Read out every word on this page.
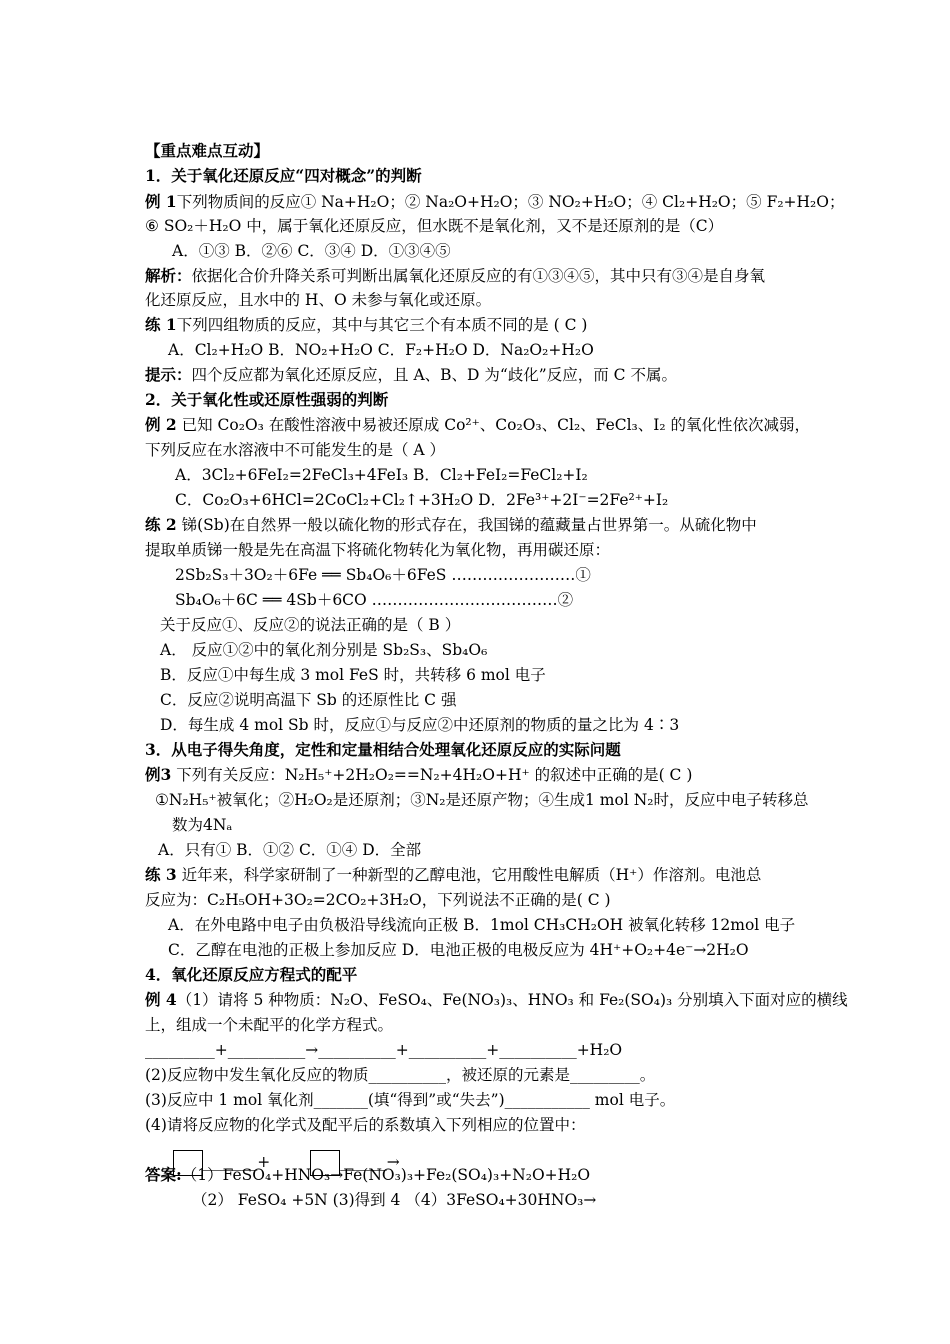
【重点难点互动】
1．关于氧化还原反应“四对概念”的判断
例 1下列物质间的反应① Na+H₂O；② Na₂O+H₂O；③ NO₂+H₂O；④ Cl₂+H₂O；⑤ F₂+H₂O；
⑥ SO₂＋H₂O 中，属于氧化还原反应，但水既不是氧化剂，又不是还原剂的是（C）
A．①③ B．②⑥ C．③④ D．①③④⑤
解析：依据化合价升降关系可判断出属氧化还原反应的有①③④⑤，其中只有③④是自身氧
化还原反应，且水中的 H、O 未参与氧化或还原。
练 1下列四组物质的反应，其中与其它三个有本质不同的是 ( C )
A．Cl₂+H₂O B．NO₂+H₂O C．F₂+H₂O D．Na₂O₂+H₂O
提示：四个反应都为氧化还原反应，且 A、B、D 为“歧化”反应，而 C 不属。
2．关于氧化性或还原性强弱的判断
例 2 已知 Co₂O₃ 在酸性溶液中易被还原成 Co²⁺、Co₂O₃、Cl₂、FeCl₃、I₂ 的氧化性依次减弱，
下列反应在水溶液中不可能发生的是（ A ）
A．3Cl₂+6FeI₂=2FeCl₃+4FeI₃ B．Cl₂+FeI₂=FeCl₂+I₂
C．Co₂O₃+6HCl=2CoCl₂+Cl₂↑+3H₂O D．2Fe³⁺+2I⁻=2Fe²⁺+I₂
练 2 锑(Sb)在自然界一般以硫化物的形式存在，我国锑的蕴藏量占世界第一。从硫化物中
提取单质锑一般是先在高温下将硫化物转化为氧化物，再用碳还原：
2Sb₂S₃＋3O₂＋6Fe ══ Sb₄O₆＋6FeS ……………………①
Sb₄O₆＋6C ══ 4Sb＋6CO ………………………………②
关于反应①、反应②的说法正确的是（ B ）
A． 反应①②中的氧化剂分别是 Sb₂S₃、Sb₄O₆
B．反应①中每生成 3 mol FeS 时，共转移 6 mol 电子
C．反应②说明高温下 Sb 的还原性比 C 强
D．每生成 4 mol Sb 时，反应①与反应②中还原剂的物质的量之比为 4∶3
3．从电子得失角度，定性和定量相结合处理氧化还原反应的实际问题
例3 下列有关反应：N₂H₅⁺+2H₂O₂==N₂+4H₂O+H⁺ 的叙述中正确的是( C )
①N₂H₅⁺被氧化；②H₂O₂是还原剂；③N₂是还原产物；④生成1 mol N₂时，反应中电子转移总
数为4Nₐ
A．只有① B．①② C．①④ D．全部
练 3 近年来，科学家研制了一种新型的乙醇电池，它用酸性电解质（H⁺）作溶剂。电池总
反应为：C₂H₅OH+3O₂=2CO₂+3H₂O，下列说法不正确的是( C )
A．在外电路中电子由负极沿导线流向正极 B．1mol CH₃CH₂OH 被氧化转移 12mol 电子
C．乙醇在电池的正极上参加反应 D．电池正极的电极反应为 4H⁺+O₂+4e⁻→2H₂O
4．氧化还原反应方程式的配平
例 4（1）请将 5 种物质：N₂O、FeSO₄、Fe(NO₃)₃、HNO₃ 和 Fe₂(SO₄)₃ 分别填入下面对应的横线
上，组成一个未配平的化学方程式。
_________+__________→__________+__________+__________+H₂O
(2)反应物中发生氧化反应的物质__________，被还原的元素是_________。
(3)反应中 1 mol 氧化剂_______(填“得到”或“失去”)___________ mol 电子。
(4)请将反应物的化学式及配平后的系数填入下列相应的位置中：
答案:（1）FeSO₄+HNO₃→Fe(NO₃)₃+Fe₂(SO₄)₃+N₂O+H₂O
（2） FeSO₄ +5N (3)得到 4 （4）3FeSO₄+30HNO₃→
_______+	______→
